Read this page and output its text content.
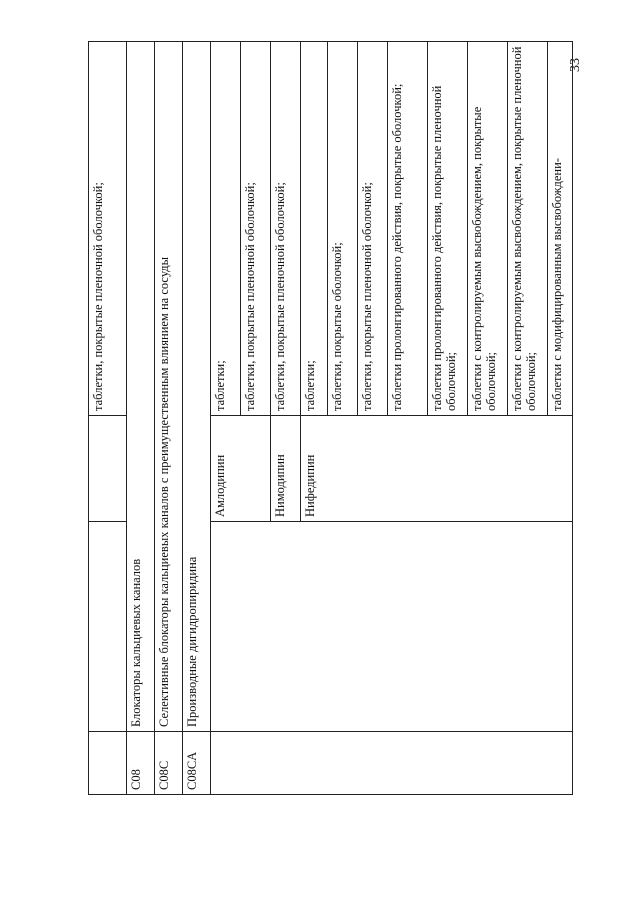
33
			таблетки, покрытые пленочной оболочкой;
C08	Блокаторы кальциевых каналов		
C08C	Селективные блокаторы кальциевых каналов с преимущественным влиянием на сосуды		
C08CA	Производные дигидропиридина		
		Амлодипин	таблетки;
			таблетки, покрытые пленочной оболочкой;
		Нимодипин	таблетки, покрытые пленочной оболочкой;
		Нифедипин	таблетки;
			таблетки, покрытые оболочкой;
			таблетки, покрытые пленочной оболочкой;
			таблетки пролонгированного действия, покрытые оболочкой;
			таблетки пролонгированного действия, покрытые пленочной оболочкой;
			таблетки с контролируемым высвобождением, покрытые оболочкой;
			таблетки с контролируемым высвобождением, покрытые пленочной оболочкой;
			таблетки с модифицированным высвобождени-
